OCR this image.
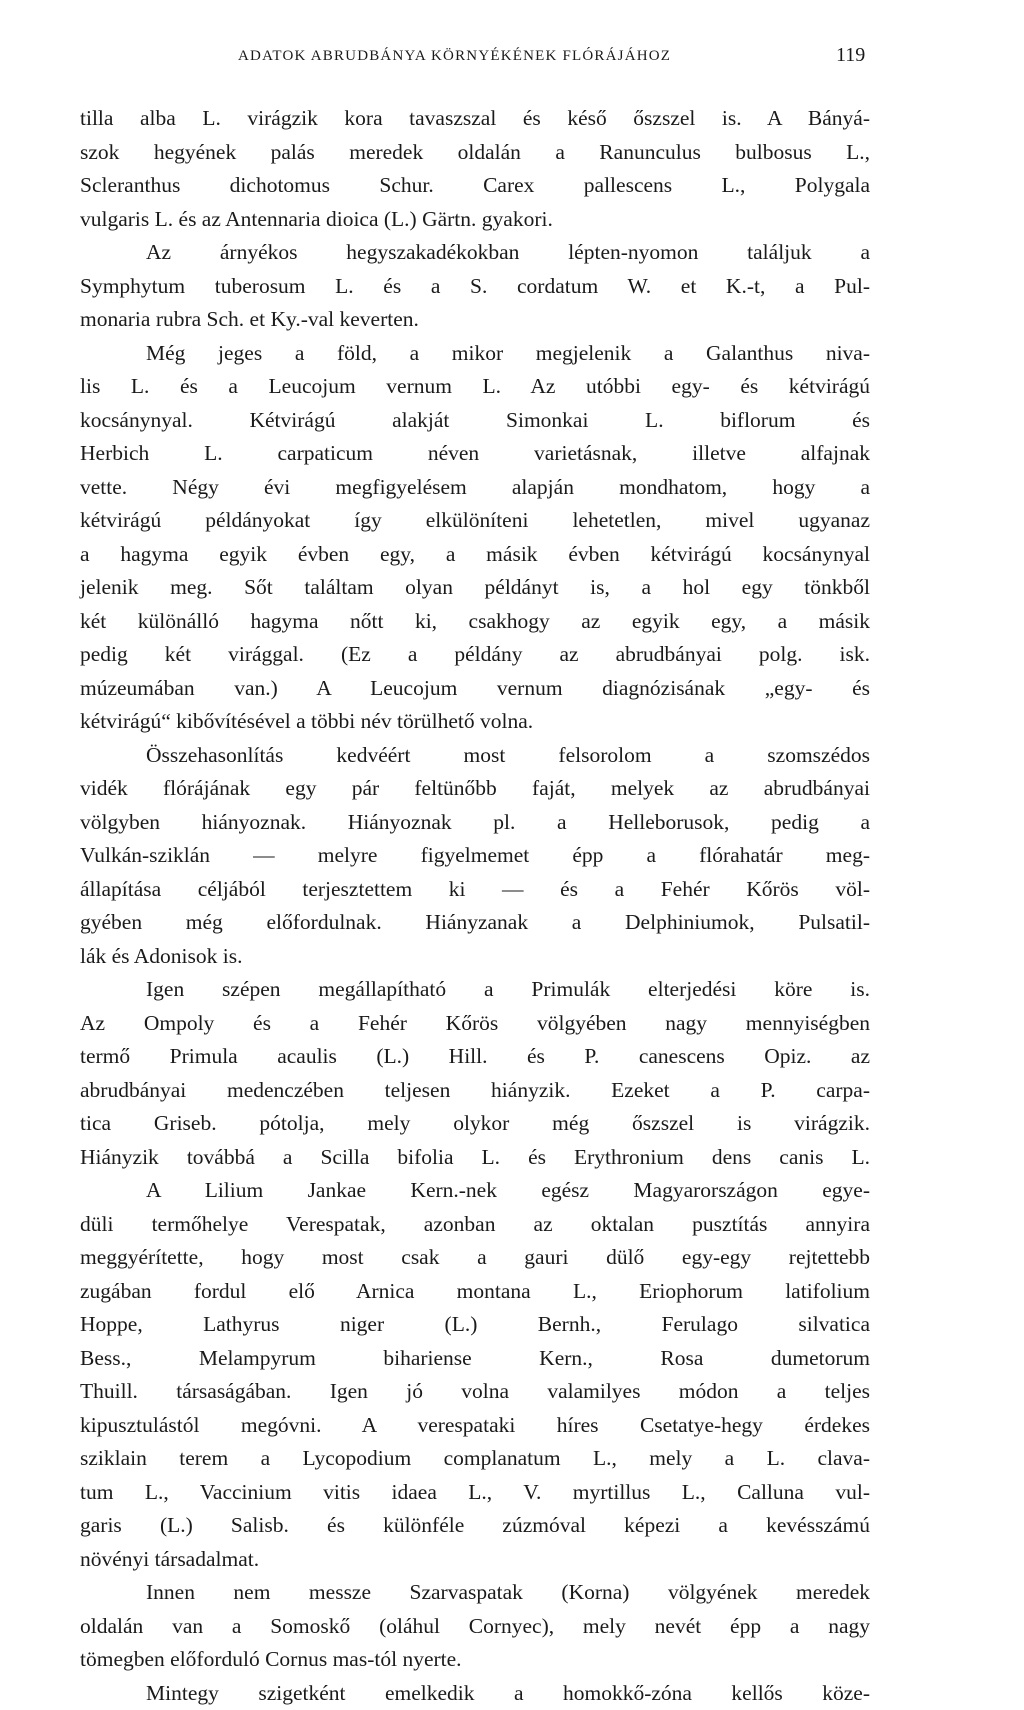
ADATOK ABRUDBÁNYA KÖRNYÉKÉNEK FLÓRÁJÁHOZ	119
tilla alba L. virágzik kora tavaszszal és késő őszszel is. A Bányá-
szok hegyének palás meredek oldalán a Ranunculus bulbosus L.,
Scleranthus dichotomus Schur. Carex pallescens L., Polygala
vulgaris L. és az Antennaria dioica (L.) Gärtn. gyakori.
Az árnyékos hegyszakadékokban lépten-nyomon találjuk a
Symphytum tuberosum L. és a S. cordatum W. et K.-t, a Pul-
monaria rubra Sch. et Ky.-val keverten.
Még jeges a föld, a mikor megjelenik a Galanthus niva-
lis L. és a Leucojum vernum L. Az utóbbi egy- és kétvirágú
kocsánynyal. Kétvirágú alakját Simonkai L. biflorum és
Herbich L. carpaticum néven varietásnak, illetve alfajnak
vette. Négy évi megfigyelésem alapján mondhatom, hogy a
kétvirágú példányokat így elkülöníteni lehetetlen, mivel ugyanaz
a hagyma egyik évben egy, a másik évben kétvirágú kocsánynyal
jelenik meg. Sőt találtam olyan példányt is, a hol egy tönkből
két különálló hagyma nőtt ki, csakhogy az egyik egy, a másik
pedig két virággal. (Ez a példány az abrudbányai polg. isk.
múzeumában van.) A Leucojum vernum diagnózisának „egy- és
kétvirágú“ kibővítésével a többi név törülhető volna.
Összehasonlítás kedvéért most felsorolom a szomszédos
vidék flórájának egy pár feltünőbb faját, melyek az abrudbányai
völgyben hiányoznak. Hiányoznak pl. a Helleborusok, pedig a
Vulkán-sziklán — melyre figyelmemet épp a flórahatár meg-
állapítása céljából terjesztettem ki — és a Fehér Kőrös völ-
gyében még előfordulnak. Hiányzanak a Delphiniumok, Pulsatil-
lák és Adonisok is.
Igen szépen megállapítható a Primulák elterjedési köre is.
Az Ompoly és a Fehér Kőrös völgyében nagy mennyiségben
termő Primula acaulis (L.) Hill. és P. canescens Opiz. az
abrudbányai medenczében teljesen hiányzik. Ezeket a P. carpa-
tica Griseb. pótolja, mely olykor még őszszel is virágzik.
Hiányzik továbbá a Scilla bifolia L. és Erythronium dens canis L.
A Lilium Jankae Kern.-nek egész Magyarországon egye-
düli termőhelye Verespatak, azonban az oktalan pusztítás annyira
meggyérítette, hogy most csak a gauri dülő egy-egy rejtettebb
zugában fordul elő Arnica montana L., Eriophorum latifolium
Hoppe, Lathyrus niger (L.) Bernh., Ferulago silvatica
Bess., Melampyrum bihariense Kern., Rosa dumetorum
Thuill. társaságában. Igen jó volna valamilyes módon a teljes
kipusztulástól megóvni. A verespataki híres Csetatye-hegy érdekes
sziklain terem a Lycopodium complanatum L., mely a L. clava-
tum L., Vaccinium vitis idaea L., V. myrtillus L., Calluna vul-
garis (L.) Salisb. és különféle zúzmóval képezi a kevésszámú
növényi társadalmat.
Innen nem messze Szarvaspatak (Korna) völgyének meredek
oldalán van a Somoskő (oláhul Cornyec), mely nevét épp a nagy
tömegben előforduló Cornus mas-tól nyerte.
Mintegy szigetként emelkedik a homokkő-zóna kellős köze-
